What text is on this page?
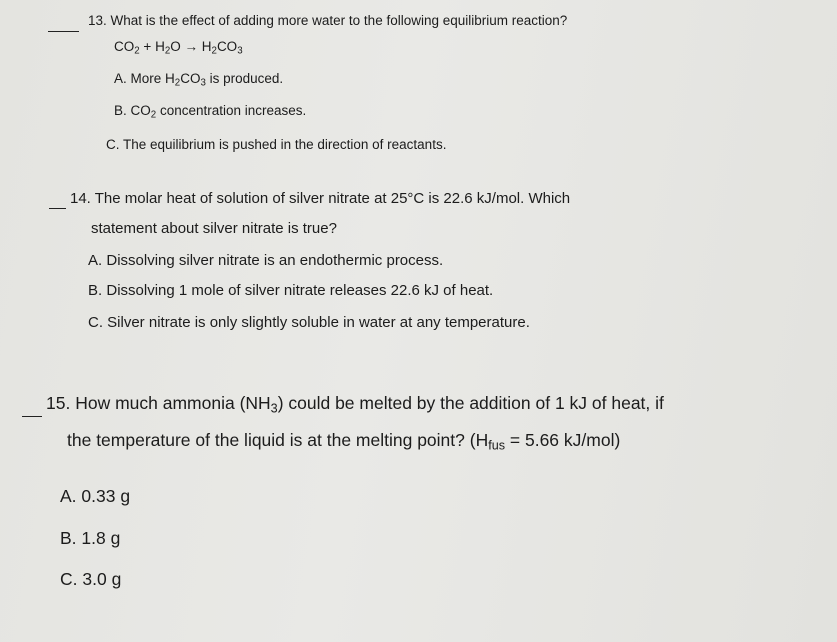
13. What is the effect of adding more water to the following equilibrium reaction?
$CO_2 + H_2O \to H_2CO_3$
A. More $H_2CO_3$ is produced.
B. $CO_2$ concentration increases.
C. The equilibrium is pushed in the direction of reactants.
14. The molar heat of solution of silver nitrate at 25°C is 22.6 kJ/mol. Which
statement about silver nitrate is true?
A. Dissolving silver nitrate is an endothermic process.
B. Dissolving 1 mole of silver nitrate releases 22.6 kJ of heat.
C. Silver nitrate is only slightly soluble in water at any temperature.
15. How much ammonia $(NH_3)$ could be melted by the addition of 1 kJ of heat, if
the temperature of the liquid is at the melting point? ($H_{fus} = 5.66$ kJ/mol)
A. 0.33 g
B. 1.8 g
C. 3.0 g
